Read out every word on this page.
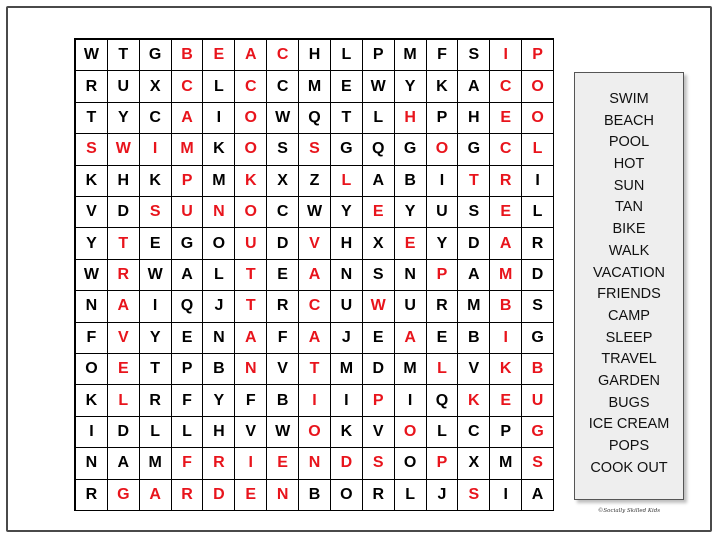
W	T	G	B	E	A	C	H	L	P	M	F	S	I	P
R	U	X	C	L	C	C	M	E	W	Y	K	A	C	O
T	Y	C	A	I	O	W	Q	T	L	H	P	H	E	O
S	W	I	M	K	O	S	S	G	Q	G	O	G	C	L
K	H	K	P	M	K	X	Z	L	A	B	I	T	R	I
V	D	S	U	N	O	C	W	Y	E	Y	U	S	E	L
Y	T	E	G	O	U	D	V	H	X	E	Y	D	A	R
W	R	W	A	L	T	E	A	N	S	N	P	A	M	D
N	A	I	Q	J	T	R	C	U	W	U	R	M	B	S
F	V	Y	E	N	A	F	A	J	E	A	E	B	I	G
O	E	T	P	B	N	V	T	M	D	M	L	V	K	B
K	L	R	F	Y	F	B	I	I	P	I	Q	K	E	U
I	D	L	L	H	V	W	O	K	V	O	L	C	P	G
N	A	M	F	R	I	E	N	D	S	O	P	X	M	S
R	G	A	R	D	E	N	B	O	R	L	J	S	I	A
SWIM
BEACH
POOL
HOT
SUN
TAN
BIKE
WALK
VACATION
FRIENDS
CAMP
SLEEP
TRAVEL
GARDEN
BUGS
ICE CREAM
POPS
COOK OUT
©Socially Skilled Kids
